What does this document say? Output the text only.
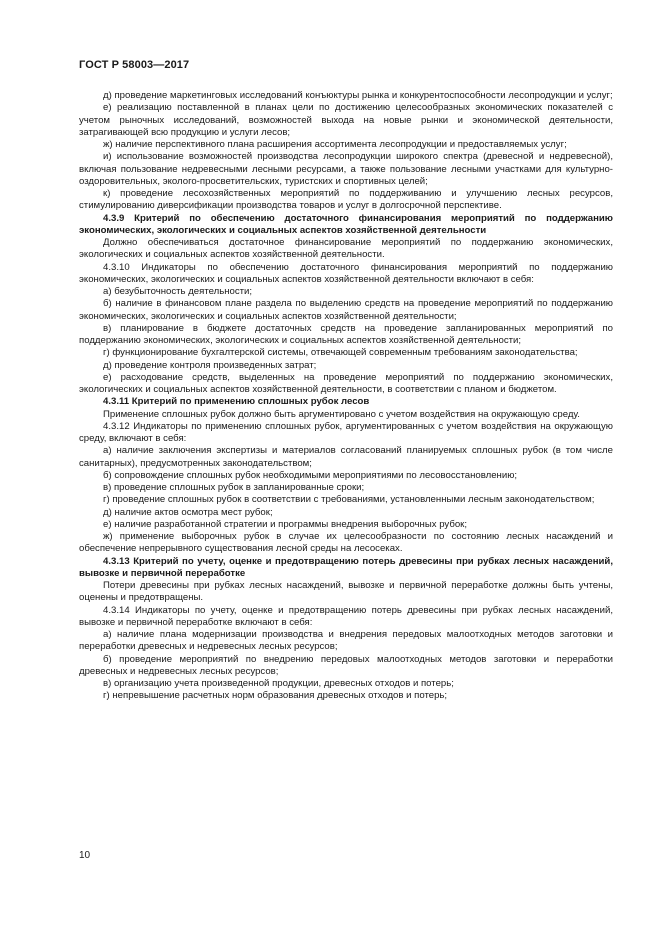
ГОСТ Р 58003—2017

д) проведение маркетинговых исследований конъюктуры рынка и конкурентоспособности лесопродукции и услуг;

е) реализацию поставленной в планах цели по достижению целесообразных экономических показателей с учетом рыночных исследований, возможностей выхода на новые рынки и экономической деятельности, затрагивающей всю продукцию и услуги лесов;

ж) наличие перспективного плана расширения ассортимента лесопродукции и предоставляемых услуг;

и) использование возможностей производства лесопродукции широкого спектра (древесной и недревесной), включая пользование недревесными лесными ресурсами, а также пользование лесными участками для культурно-оздоровительных, эколого-просветительских, туристских и спортивных целей;

к) проведение лесохозяйственных мероприятий по поддерживанию и улучшению лесных ресурсов, стимулированию диверсификации производства товаров и услуг в долгосрочной перспективе.

4.3.9 Критерий по обеспечению достаточного финансирования мероприятий по поддержанию экономических, экологических и социальных аспектов хозяйственной деятельности

Должно обеспечиваться достаточное финансирование мероприятий по поддержанию экономических, экологических и социальных аспектов хозяйственной деятельности.

4.3.10 Индикаторы по обеспечению достаточного финансирования мероприятий по поддержанию экономических, экологических и социальных аспектов хозяйственной деятельности включают в себя:

а) безубыточность деятельности;

б) наличие в финансовом плане раздела по выделению средств на проведение мероприятий по поддержанию экономических, экологических и социальных аспектов хозяйственной деятельности;

в) планирование в бюджете достаточных средств на проведение запланированных мероприятий по поддержанию экономических, экологических и социальных аспектов хозяйственной деятельности;

г) функционирование бухгалтерской системы, отвечающей современным требованиям законодательства;

д) проведение контроля произведенных затрат;

е) расходование средств, выделенных на проведение мероприятий по поддержанию экономических, экологических и социальных аспектов хозяйственной деятельности, в соответствии с планом и бюджетом.

4.3.11 Критерий по применению сплошных рубок лесов

Применение сплошных рубок должно быть аргументировано с учетом воздействия на окружающую среду.

4.3.12 Индикаторы по применению сплошных рубок, аргументированных с учетом воздействия на окружающую среду, включают в себя:

а) наличие заключения экспертизы и материалов согласований планируемых сплошных рубок (в том числе санитарных), предусмотренных законодательством;

б) сопровождение сплошных рубок необходимыми мероприятиями по лесовосстановлению;

в) проведение сплошных рубок в запланированные сроки;

г) проведение сплошных рубок в соответствии с требованиями, установленными лесным законодательством;

д) наличие актов осмотра мест рубок;

е) наличие разработанной стратегии и программы внедрения выборочных рубок;

ж) применение выборочных рубок в случае их целесообразности по состоянию лесных насаждений и обеспечение непрерывного существования лесной среды на лесосеках.

4.3.13 Критерий по учету, оценке и предотвращению потерь древесины при рубках лесных насаждений, вывозке и первичной переработке

Потери древесины при рубках лесных насаждений, вывозке и первичной переработке должны быть учтены, оценены и предотвращены.

4.3.14 Индикаторы по учету, оценке и предотвращению потерь древесины при рубках лесных насаждений, вывозке и первичной переработке включают в себя:

а) наличие плана модернизации производства и внедрения передовых малоотходных методов заготовки и переработки древесных и недревесных лесных ресурсов;

б) проведение мероприятий по внедрению передовых малоотходных методов заготовки и переработки древесных и недревесных лесных ресурсов;

в) организацию учета произведенной продукции, древесных отходов и потерь;

г) непревышение расчетных норм образования древесных отходов и потерь;

10
